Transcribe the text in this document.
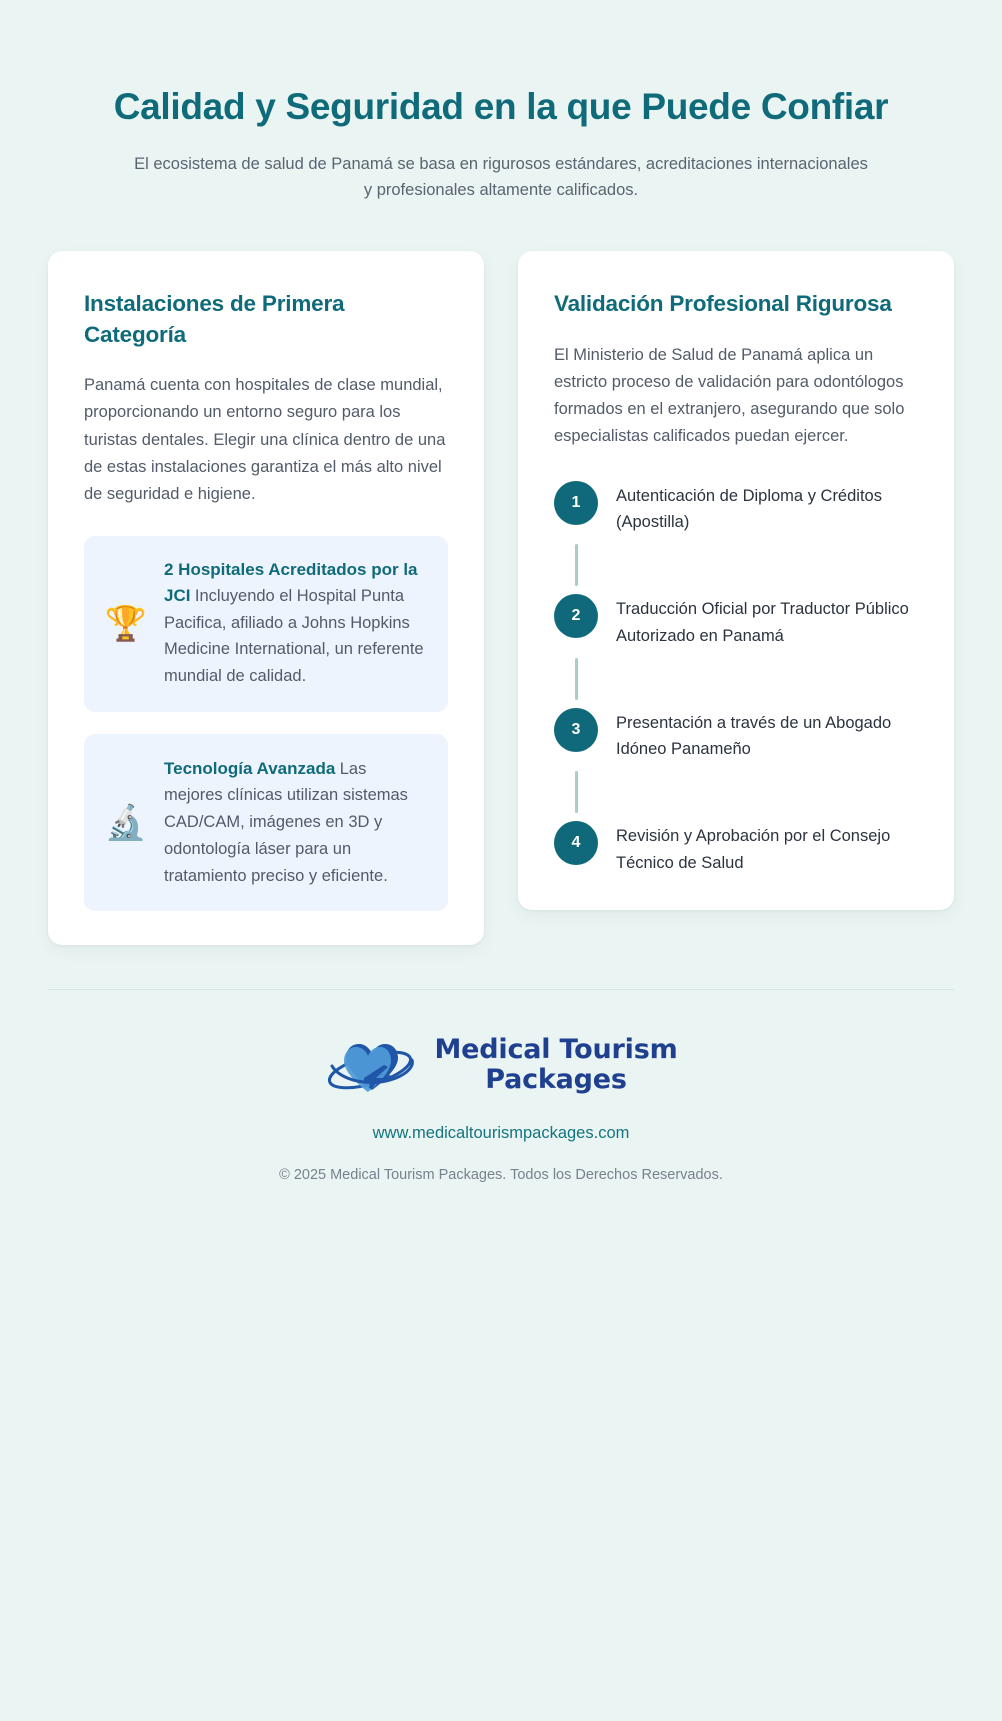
Calidad y Seguridad en la que Puede Confiar

El ecosistema de salud de Panamá se basa en rigurosos estándares, acreditaciones internacionales y profesionales altamente calificados.

Instalaciones de Primera Categoría

Panamá cuenta con hospitales de clase mundial, proporcionando un entorno seguro para los turistas dentales. Elegir una clínica dentro de una de estas instalaciones garantiza el más alto nivel de seguridad e higiene.

🏆
2 Hospitales Acreditados por la JCI Incluyendo el Hospital Punta Pacifica, afiliado a Johns Hopkins Medicine International, un referente mundial de calidad.
🔬
Tecnología Avanzada Las mejores clínicas utilizan sistemas CAD/CAM, imágenes en 3D y odontología láser para un tratamiento preciso y eficiente.
Validación Profesional Rigurosa

El Ministerio de Salud de Panamá aplica un estricto proceso de validación para odontólogos formados en el extranjero, asegurando que solo especialistas calificados puedan ejercer.

1	Autenticación de Diploma y Créditos (Apostilla)
2	Traducción Oficial por Traductor Público Autorizado en Panamá
3	Presentación a través de un Abogado Idóneo Panameño
4	Revisión y Aprobación por el Consejo Técnico de Salud
Medical Tourism
Packages
www.medicaltourismpackages.com
© 2025 Medical Tourism Packages. Todos los Derechos Reservados.
